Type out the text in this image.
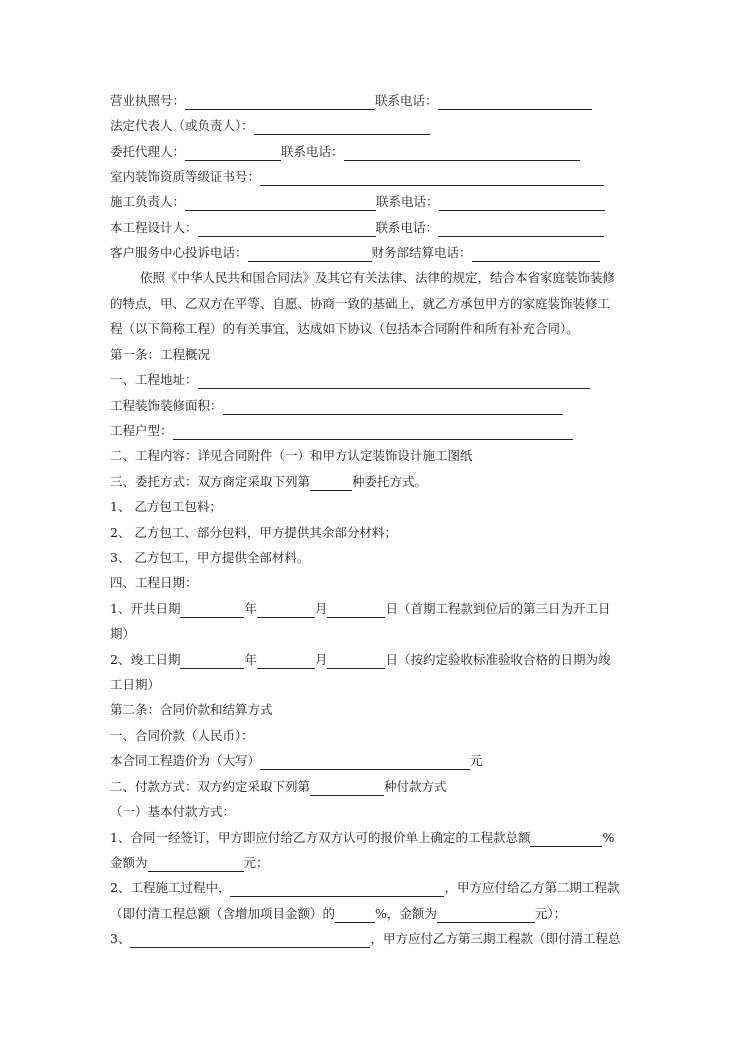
营业执照号：	联系电话：
法定代表人（或负责人）：
委托代理人：	联系电话：
室内装饰资质等级证书号：
施工负责人：	联系电话：
本工程设计人：	联系电话：
客户服务中心投诉电话：	财务部结算电话：
依照《中华人民共和国合同法》及其它有关法律、法律的规定，结合本省家庭装饰装修
的特点，甲、乙双方在平等、自愿、协商一致的基础上，就乙方承包甲方的家庭装饰装修工
程（以下简称工程）的有关事宜，达成如下协议（包括本合同附件和所有补充合同）。
第一条：工程概况
一、工程地址：
工程装饰装修面积：
工程户型：
二、工程内容：详见合同附件（一）和甲方认定装饰设计施工图纸
三、委托方式：双方商定采取下列第	种委托方式。
1、 乙方包工包料；
2、 乙方包工、部分包料，甲方提供其余部分材料；
3、 乙方包工，甲方提供全部材料。
四、工程日期：
1、开共日期	年	月	日（首期工程款到位后的第三日为开工日
期）
2、竣工日期	年	月	日（按约定验收标准验收合格的日期为竣
工日期）
第二条：合同价款和结算方式
一、合同价款（人民币）：
本合同工程造价为（大写）	元
二、付款方式：双方约定采取下列第	种付款方式
（一）基本付款方式：
1、合同一经签订，甲方即应付给乙方双方认可的报价单上确定的工程款总额	%
金额为	元；
2、工程施工过程中，	，甲方应付给乙方第二期工程款
（即付清工程总额（含增加项目金额）的	%，金额为	元）；
3、	，甲方应付乙方第三期工程款（即付清工程总
